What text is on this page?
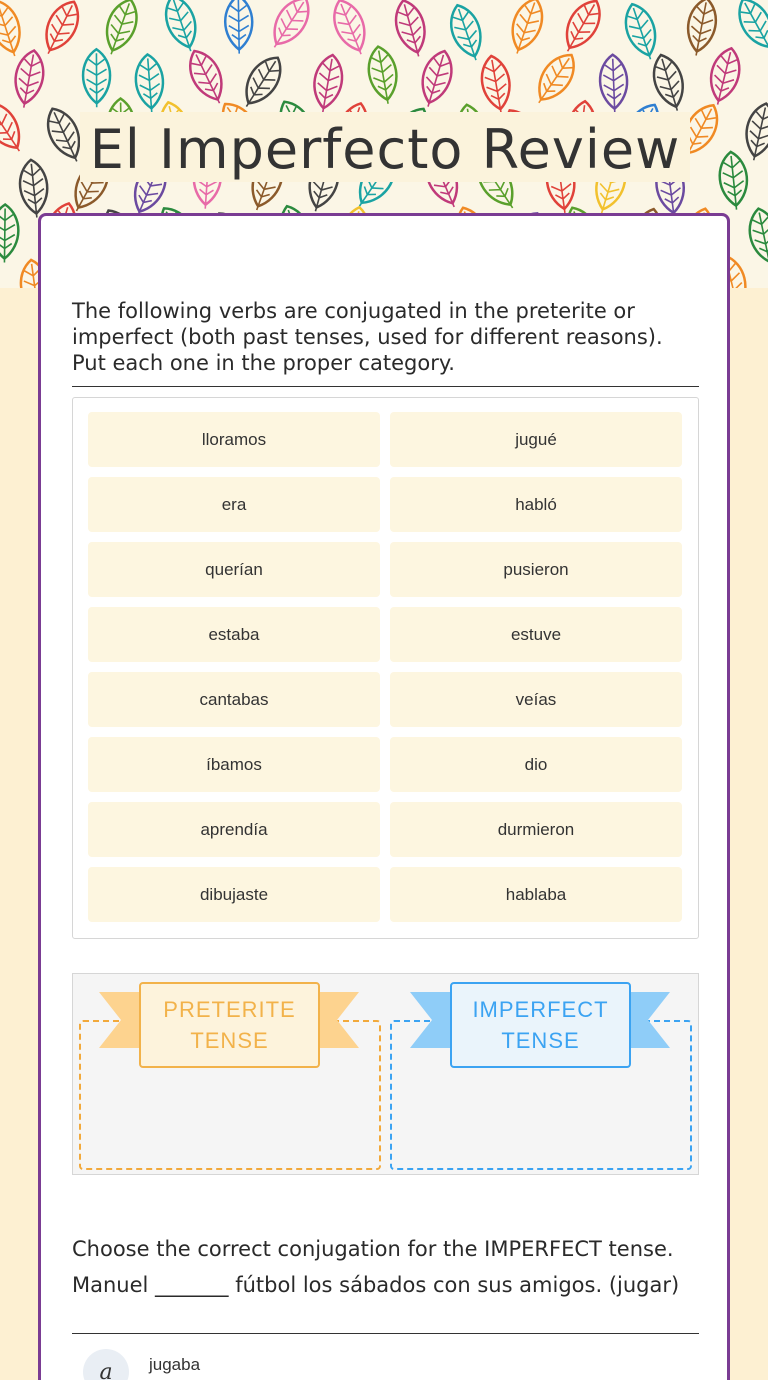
El Imperfecto Review
The following verbs are conjugated in the preterite or imperfect (both past tenses, used for different reasons). Put each one in the proper category.
lloramos	jugué
era	habló
querían	pusieron
estaba	estuve
cantabas	veías
íbamos	dio
aprendía	durmieron
dibujaste	hablaba
PRETERITE
TENSE
IMPERFECT
TENSE
Choose the correct conjugation for the IMPERFECT tense.
Manuel _______ fútbol los sábados con sus amigos. (jugar)
a	jugaba
